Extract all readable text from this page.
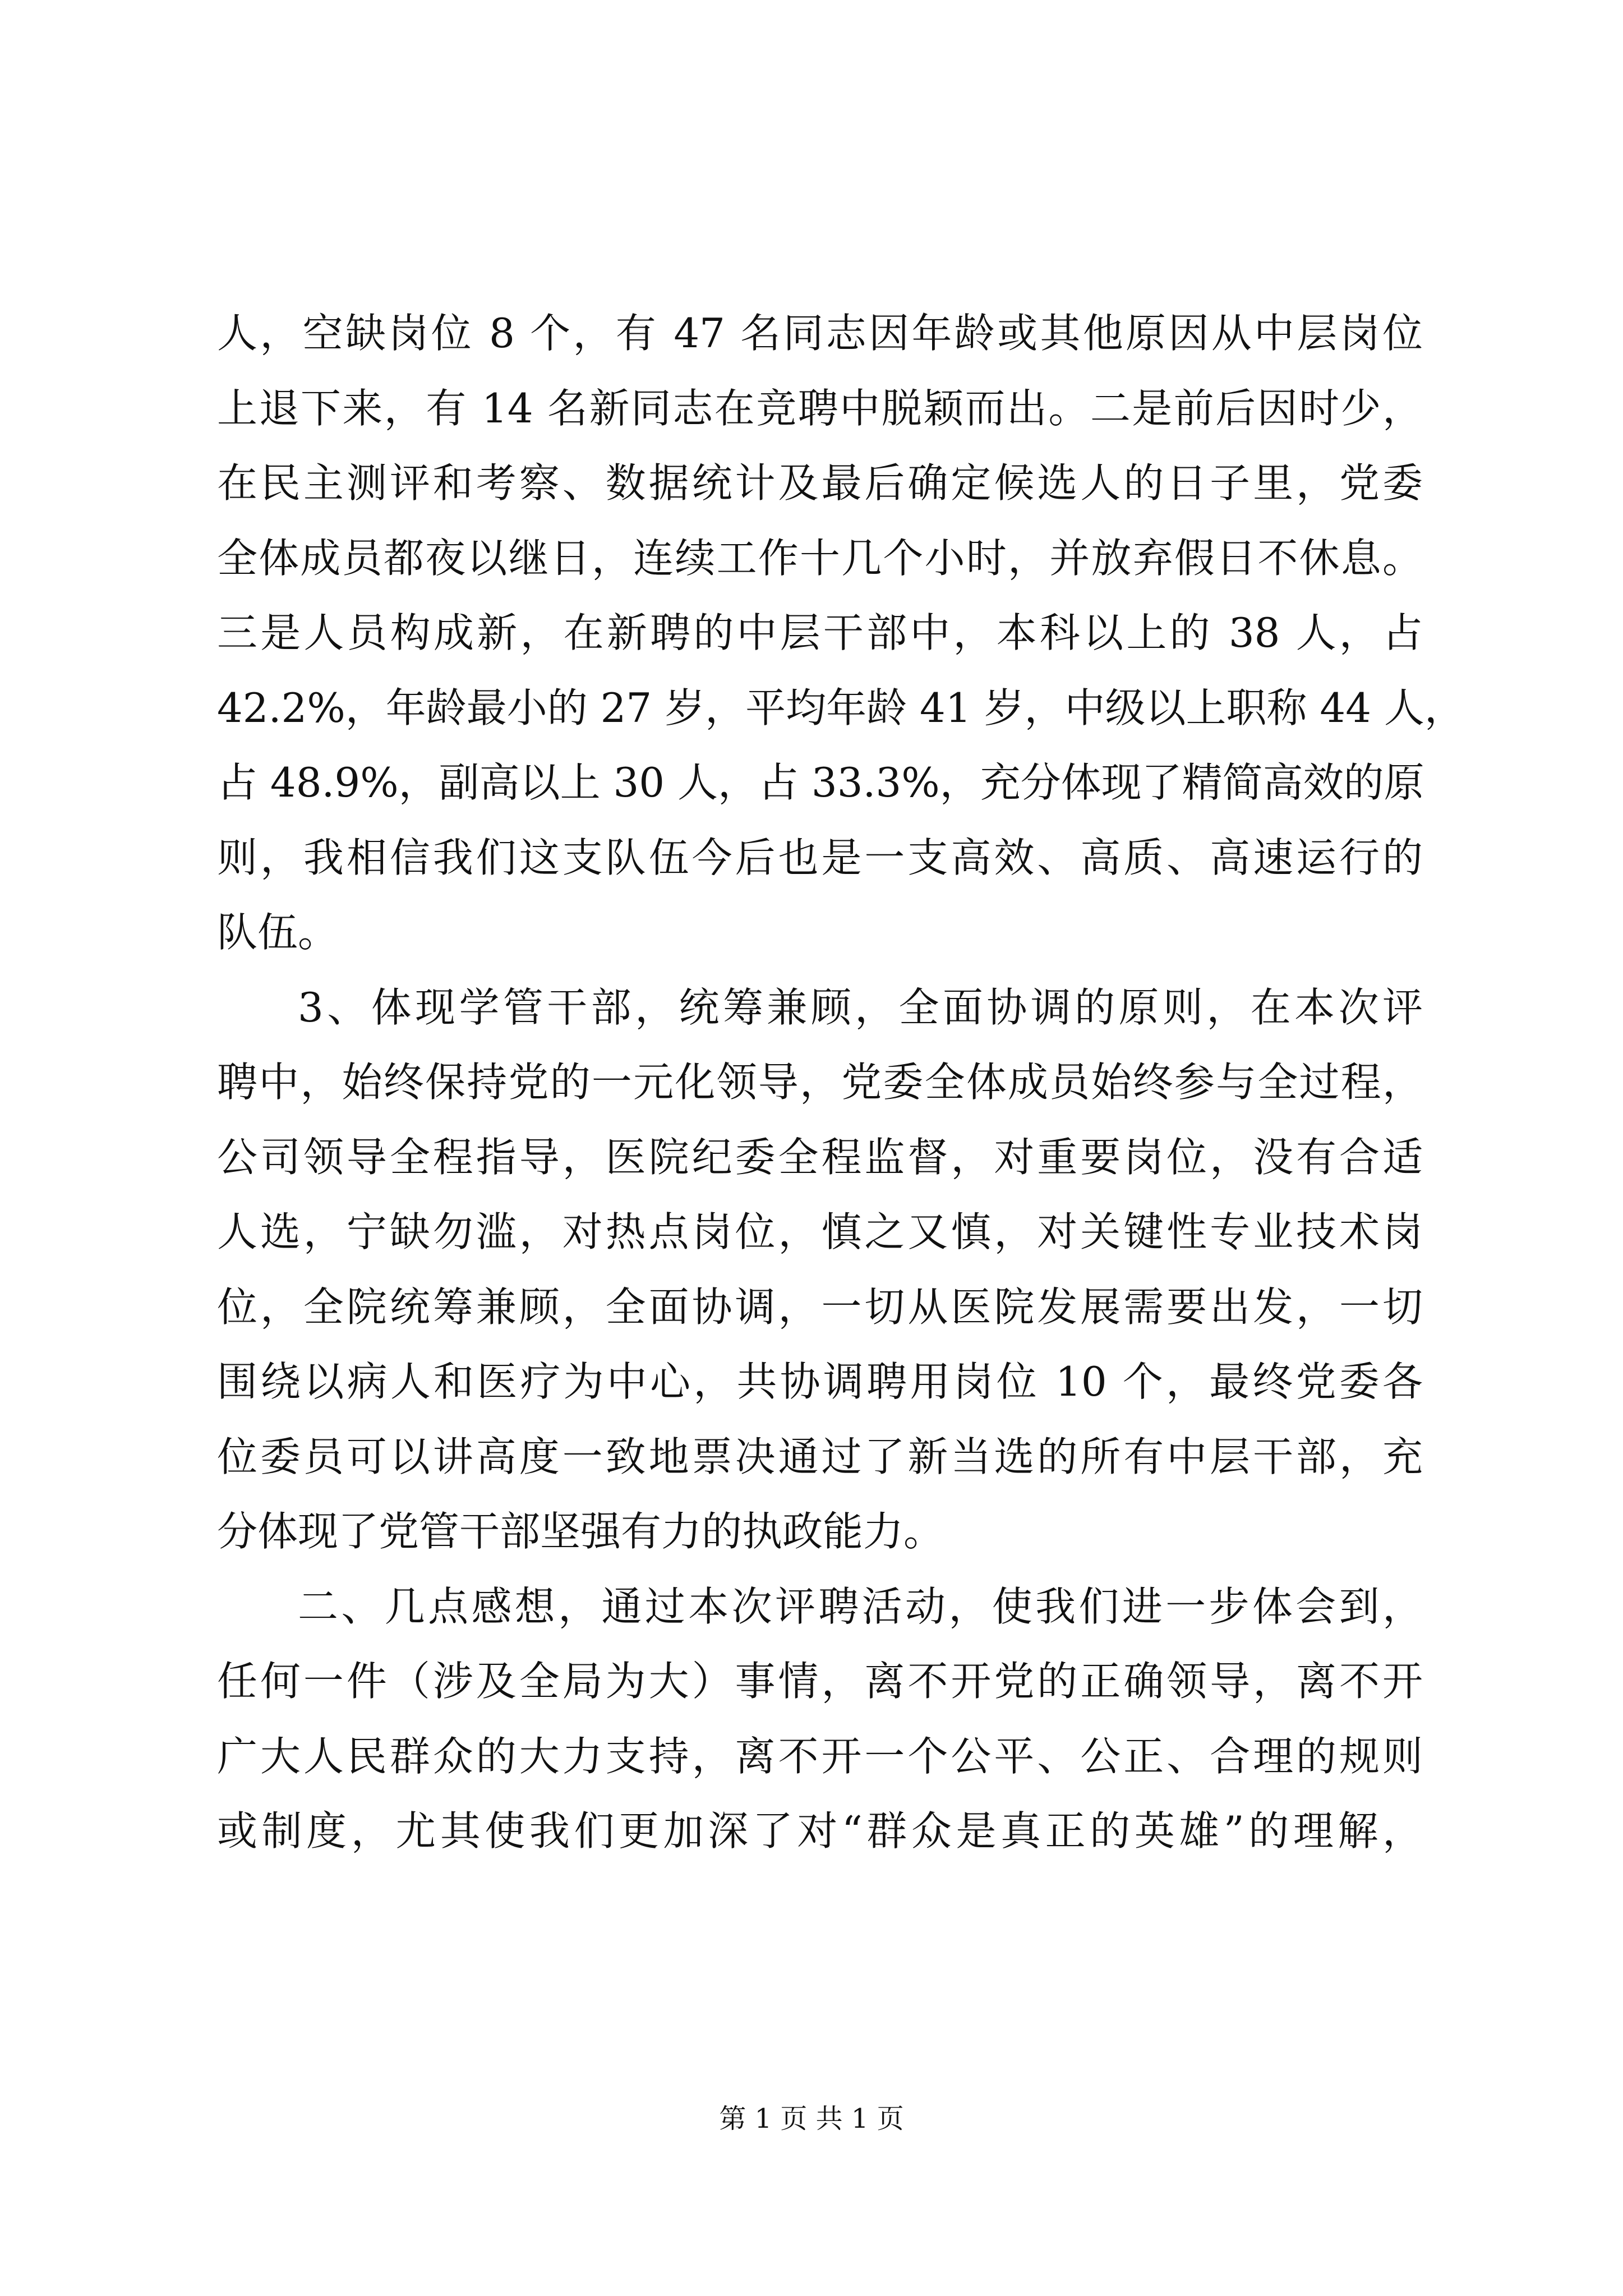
人，空缺岗位 8 个，有 47 名同志因年龄或其他原因从中层岗位
上退下来，有 14 名新同志在竞聘中脱颖而出。二是前后因时少，
在民主测评和考察、数据统计及最后确定候选人的日子里，党委
全体成员都夜以继日，连续工作十几个小时，并放弃假日不休息。
三是人员构成新，在新聘的中层干部中，本科以上的 38 人，占
42.2%，年龄最小的 27 岁，平均年龄 41 岁，中级以上职称 44 人，
占 48.9%，副高以上 30 人，占 33.3%，充分体现了精简高效的原
则，我相信我们这支队伍今后也是一支高效、高质、高速运行的
队伍。
3、体现学管干部，统筹兼顾，全面协调的原则，在本次评
聘中，始终保持党的一元化领导，党委全体成员始终参与全过程，
公司领导全程指导，医院纪委全程监督，对重要岗位，没有合适
人选，宁缺勿滥，对热点岗位，慎之又慎，对关键性专业技术岗
位，全院统筹兼顾，全面协调，一切从医院发展需要出发，一切
围绕以病人和医疗为中心，共协调聘用岗位 10 个，最终党委各
位委员可以讲高度一致地票决通过了新当选的所有中层干部，充
分体现了党管干部坚强有力的执政能力。
二、几点感想，通过本次评聘活动，使我们进一步体会到，
任何一件（涉及全局为大）事情，离不开党的正确领导，离不开
广大人民群众的大力支持，离不开一个公平、公正、合理的规则
或制度，尤其使我们更加深了对“群众是真正的英雄”的理解，
第 1 页 共 1 页
